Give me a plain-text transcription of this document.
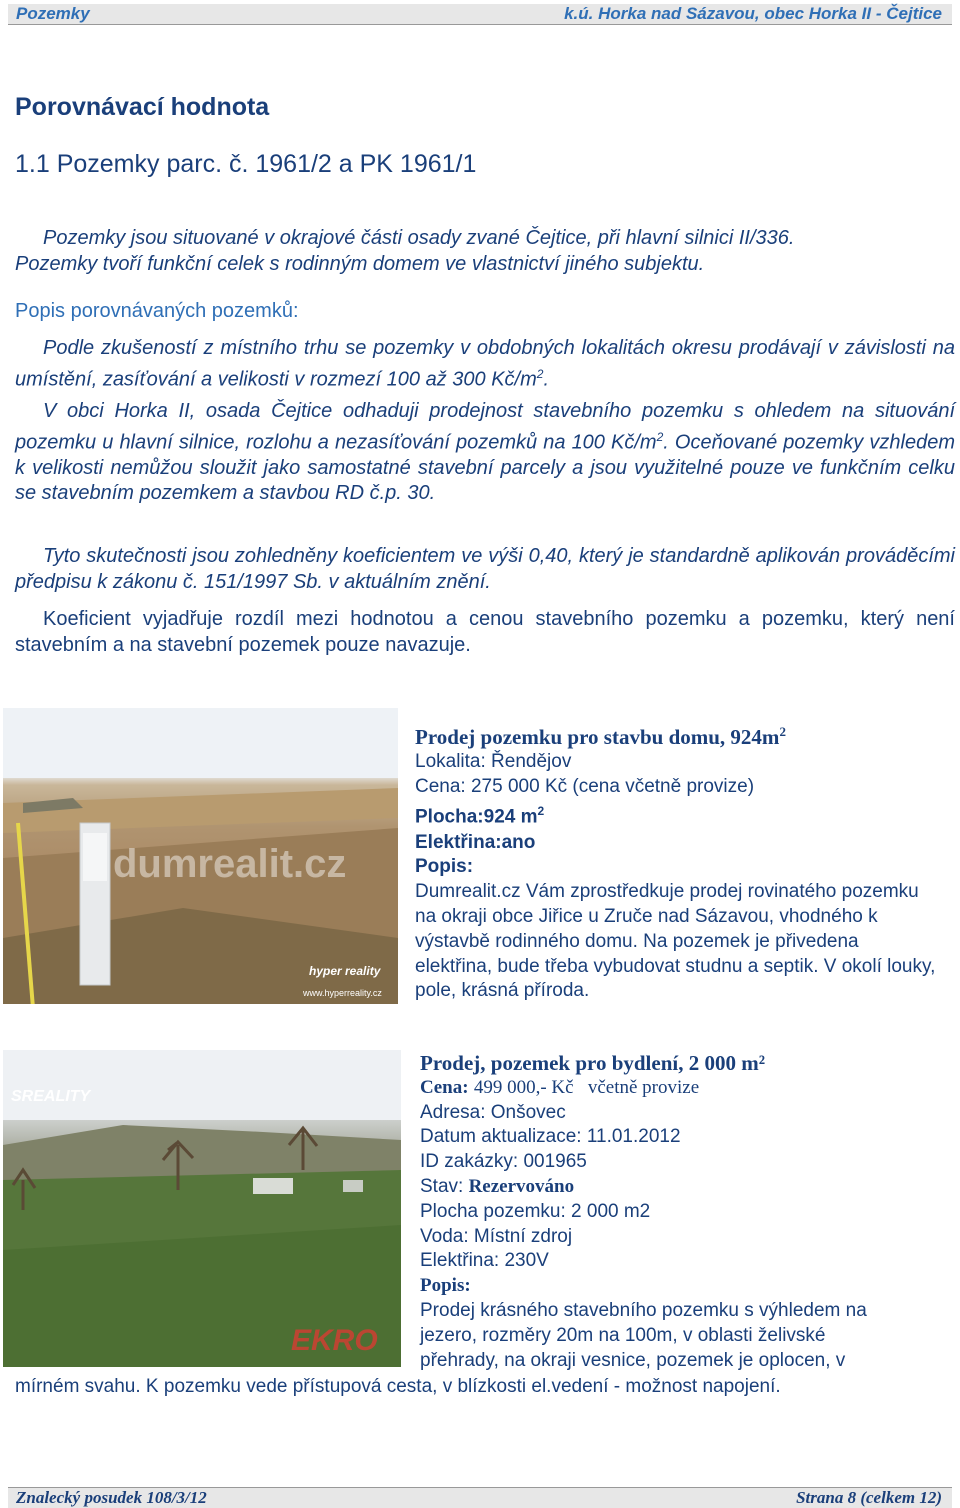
Pozemky	k.ú. Horka nad Sázavou, obec Horka II - Čejtice
Porovnávací hodnota
1.1 Pozemky parc. č. 1961/2 a PK 1961/1
Pozemky jsou situované v okrajové části osady zvané Čejtice, při hlavní silnici II/336.
Pozemky tvoří funkční celek s rodinným domem ve vlastnictví jiného subjektu.
Popis porovnávaných pozemků:
Podle zkušeností z místního trhu se pozemky v obdobných lokalitách okresu prodávají v závislosti na umístění, zasíťování a velikosti v rozmezí 100 až 300 $Kč/m^2$.
V obci Horka II, osada Čejtice odhaduji prodejnost stavebního pozemku s ohledem na situování pozemku u hlavní silnice, rozlohu a nezasíťování pozemků na 100 $Kč/m^2$. Oceňované pozemky vzhledem k velikosti nemůžou sloužit jako samostatné stavební parcely a jsou využitelné pouze ve funkčním celku se stavebním pozemkem a stavbou RD č.p. 30.
Tyto skutečnosti jsou zohledněny koeficientem ve výši 0,40, který je standardně aplikován prováděcími předpisu k zákonu č. 151/1997 Sb. v aktuálním znění.
Koeficient vyjadřuje rozdíl mezi hodnotou a cenou stavebního pozemku a pozemku, který není stavebním a na stavební pozemek pouze navazuje.
dumrealit.cz
hyper reality
www.hyperreality.cz
Prodej pozemku pro stavbu domu, $924m^2$
Lokalita: Řendějov
Cena: 275 000 Kč (cena včetně provize)
Plocha:924 $m^2$
Elektřina:ano
Popis:
Dumrealit.cz Vám zprostředkuje prodej rovinatého pozemku na okraji obce Jiřice u Zruče nad Sázavou, vhodného k výstavbě rodinného domu. Na pozemek je přivedena elektřina, bude třeba vybudovat studnu a septik. V okolí louky, pole, krásná příroda.
SREALITY
EKRO
Prodej, pozemek pro bydlení, 2 000 m²
Cena: 499 000,- Kč   včetně provize
Adresa: Onšovec
Datum aktualizace: 11.01.2012
ID zakázky: 001965
Stav: Rezervováno
Plocha pozemku: 2 000 m2
Voda: Místní zdroj
Elektřina: 230V
Popis:
Prodej krásného stavebního pozemku s výhledem na
jezero, rozměry 20m na 100m, v oblasti želivské
přehrady, na okraji vesnice, pozemek je oplocen, v
mírném svahu. K pozemku vede přístupová cesta, v blízkosti el.vedení - možnost napojení.
Znalecký posudek 108/3/12	Strana 8 (celkem 12)
